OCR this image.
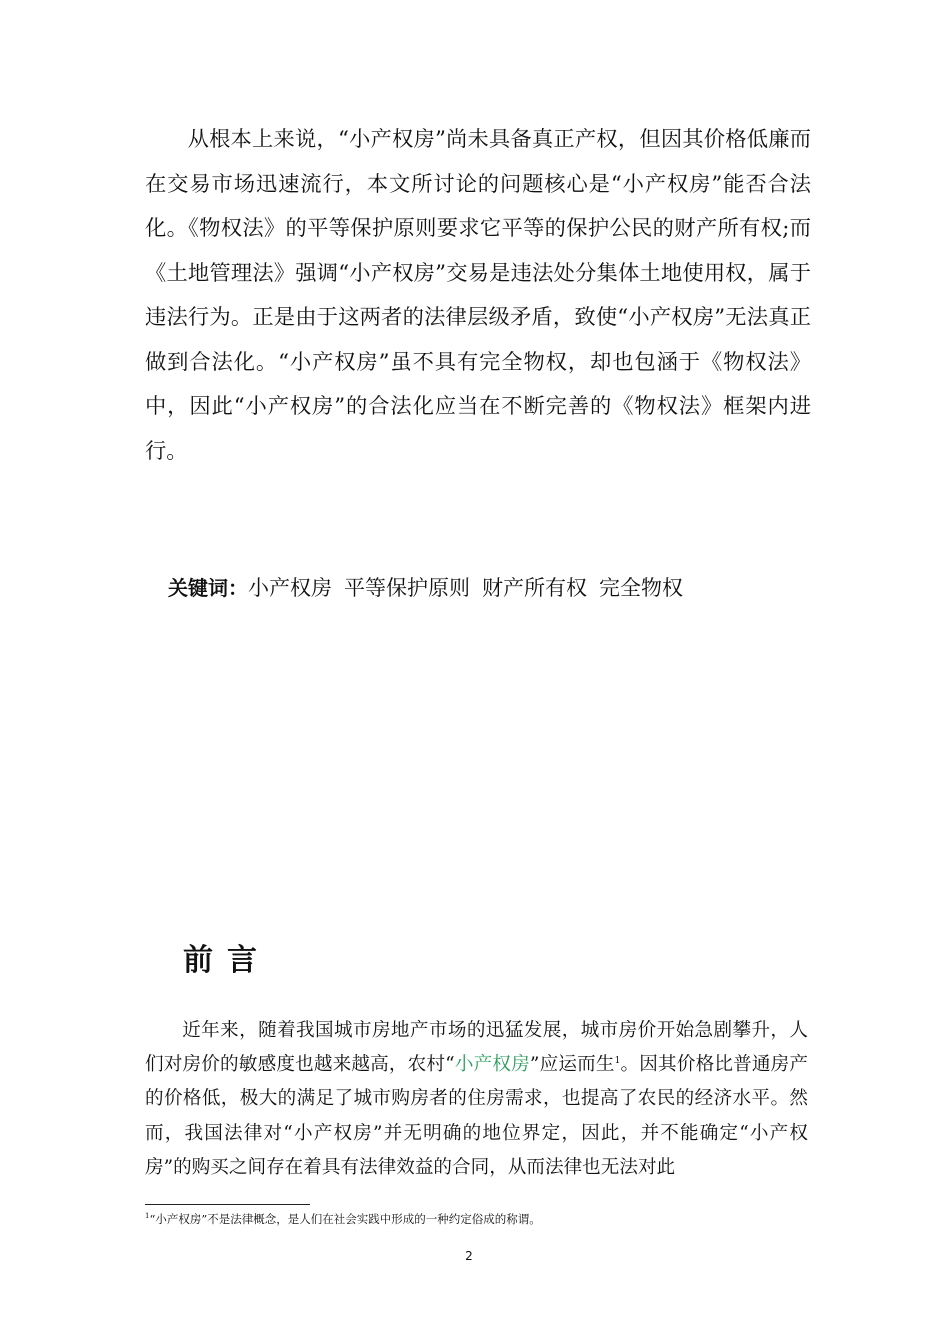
从根本上来说，“小产权房”尚未具备真正产权，但因其价格低廉而在交易市场迅速流行，本文所讨论的问题核心是“小产权房”能否合法化。《物权法》的平等保护原则要求它平等的保护公民的财产所有权;而《土地管理法》强调“小产权房”交易是违法处分集体土地使用权，属于违法行为。正是由于这两者的法律层级矛盾，致使“小产权房”无法真正做到合法化。“小产权房”虽不具有完全物权，却也包涵于《物权法》中，因此“小产权房”的合法化应当在不断完善的《物权法》框架内进行。

关键词：小产权房 平等保护原则 财产所有权 完全物权
前言

近年来，随着我国城市房地产市场的迅猛发展，城市房价开始急剧攀升，人们对房价的敏感度也越来越高，农村“小产权房”应运而生$^1$。因其价格比普通房产的价格低，极大的满足了城市购房者的住房需求，也提高了农民的经济水平。然而，我国法律对“小产权房”并无明确的地位界定，因此，并不能确定“小产权房”的购买之间存在着具有法律效益的合同，从而法律也无法对此

$^1$“小产权房”不是法律概念，是人们在社会实践中形成的一种约定俗成的称谓。
2
